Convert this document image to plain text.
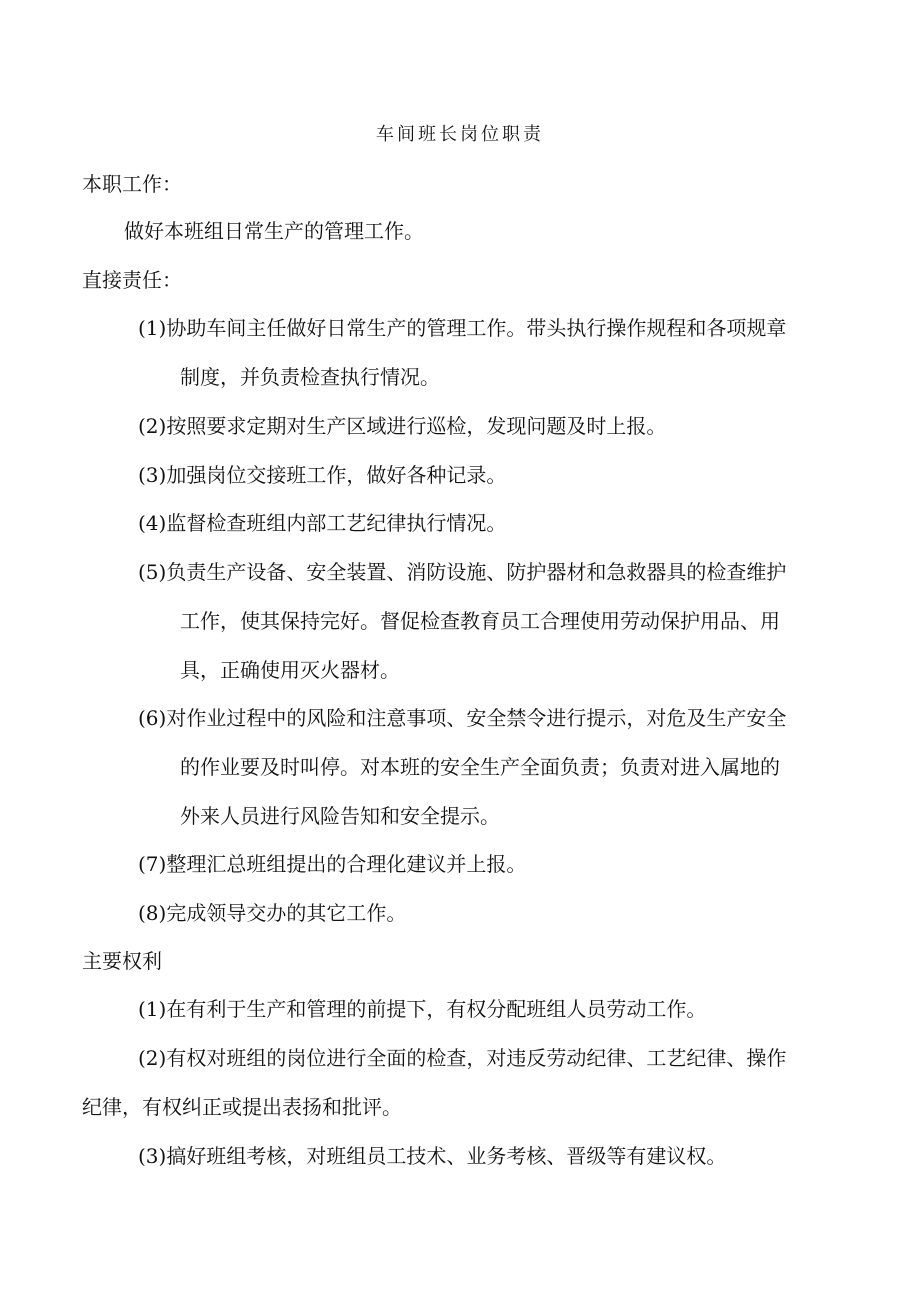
车间班长岗位职责
本职工作：
做好本班组日常生产的管理工作。
直接责任：
(1)协助车间主任做好日常生产的管理工作。带头执行操作规程和各项规章
制度，并负责检查执行情况。
(2)按照要求定期对生产区域进行巡检，发现问题及时上报。
(3)加强岗位交接班工作，做好各种记录。
(4)监督检查班组内部工艺纪律执行情况。
(5)负责生产设备、安全装置、消防设施、防护器材和急救器具的检查维护
工作，使其保持完好。督促检查教育员工合理使用劳动保护用品、用
具，正确使用灭火器材。
(6)对作业过程中的风险和注意事项、安全禁令进行提示，对危及生产安全
的作业要及时叫停。对本班的安全生产全面负责；负责对进入属地的
外来人员进行风险告知和安全提示。
(7)整理汇总班组提出的合理化建议并上报。
(8)完成领导交办的其它工作。
主要权利
(1)在有利于生产和管理的前提下，有权分配班组人员劳动工作。
(2)有权对班组的岗位进行全面的检查，对违反劳动纪律、工艺纪律、操作
纪律，有权纠正或提出表扬和批评。
(3)搞好班组考核，对班组员工技术、业务考核、晋级等有建议权。
